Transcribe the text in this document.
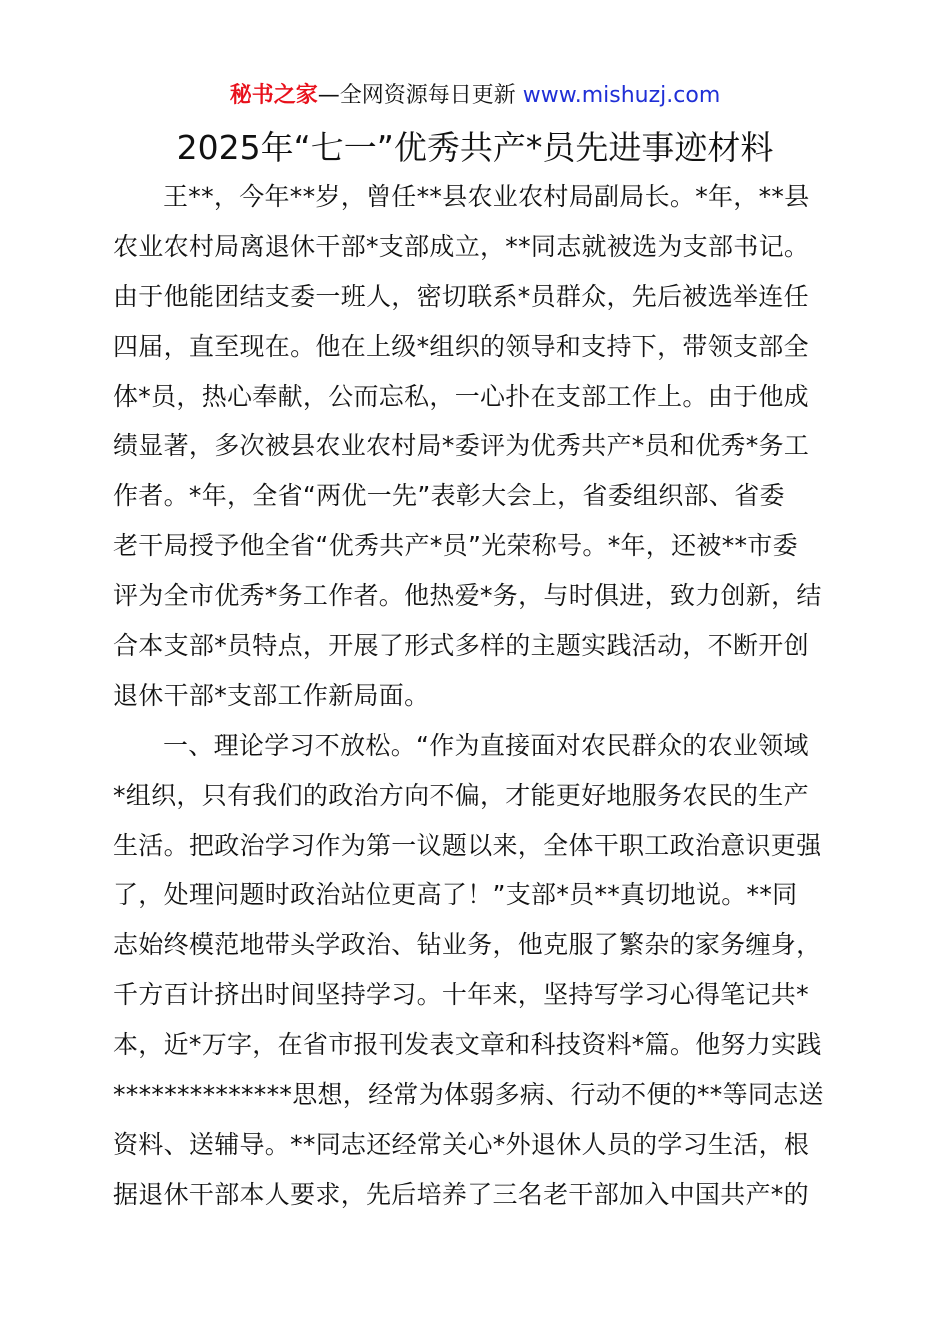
秘书之家—全网资源每日更新 www.mishuzj.com
2025年“七一”优秀共产*员先进事迹材料
王**，今年**岁，曾任**县农业农村局副局长。*年，**县
农业农村局离退休干部*支部成立，**同志就被选为支部书记。
由于他能团结支委一班人，密切联系*员群众，先后被选举连任
四届，直至现在。他在上级*组织的领导和支持下，带领支部全
体*员，热心奉献，公而忘私，一心扑在支部工作上。由于他成
绩显著，多次被县农业农村局*委评为优秀共产*员和优秀*务工
作者。*年，全省“两优一先”表彰大会上，省委组织部、省委
老干局授予他全省“优秀共产*员”光荣称号。*年，还被**市委
评为全市优秀*务工作者。他热爱*务，与时俱进，致力创新，结
合本支部*员特点，开展了形式多样的主题实践活动，不断开创
退休干部*支部工作新局面。
一、理论学习不放松。“作为直接面对农民群众的农业领域
*组织，只有我们的政治方向不偏，才能更好地服务农民的生产
生活。把政治学习作为第一议题以来，全体干职工政治意识更强
了，处理问题时政治站位更高了！”支部*员**真切地说。**同
志始终模范地带头学政治、钻业务，他克服了繁杂的家务缠身，
千方百计挤出时间坚持学习。十年来，坚持写学习心得笔记共*
本，近*万字，在省市报刊发表文章和科技资料*篇。他努力实践
**************思想，经常为体弱多病、行动不便的**等同志送
资料、送辅导。**同志还经常关心*外退休人员的学习生活，根
据退休干部本人要求，先后培养了三名老干部加入中国共产*的
